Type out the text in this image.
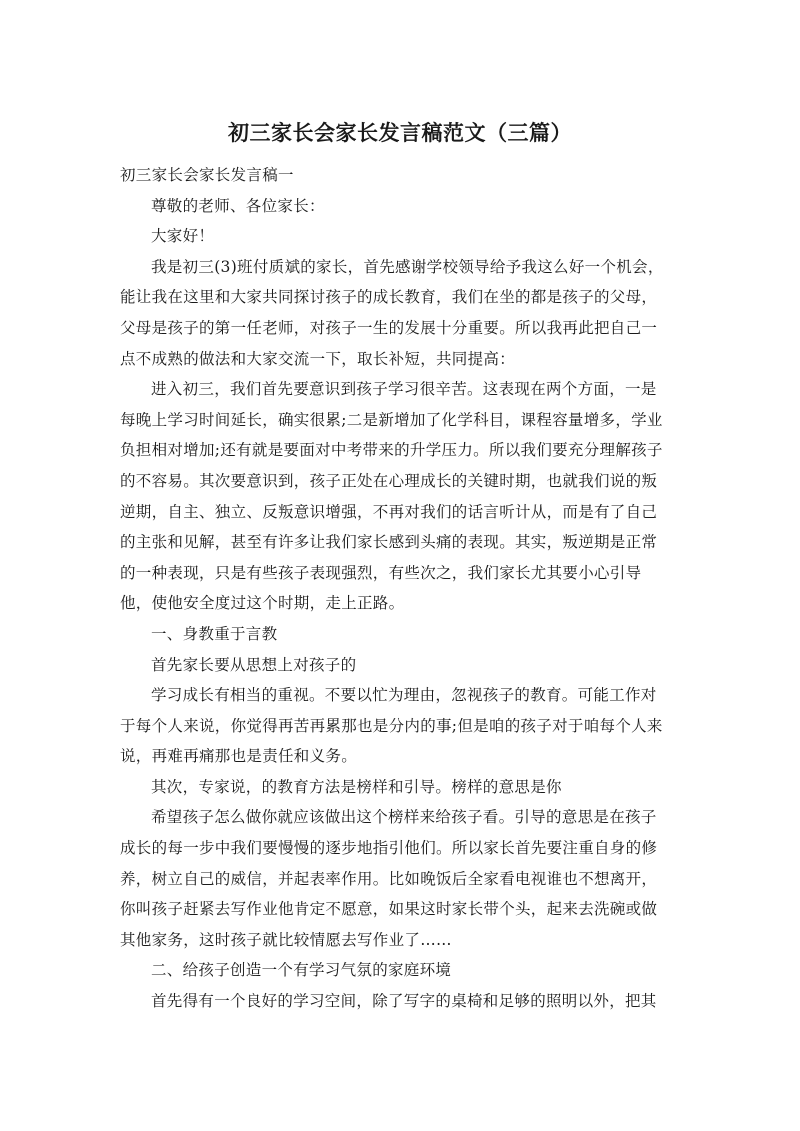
初三家长会家长发言稿范文（三篇）
初三家长会家长发言稿一
尊敬的老师、各位家长：
大家好！
我是初三(3)班付质斌的家长，首先感谢学校领导给予我这么好一个机会，
能让我在这里和大家共同探讨孩子的成长教育，我们在坐的都是孩子的父母，
父母是孩子的第一任老师，对孩子一生的发展十分重要。所以我再此把自己一
点不成熟的做法和大家交流一下，取长补短，共同提高：
进入初三，我们首先要意识到孩子学习很辛苦。这表现在两个方面，一是
每晚上学习时间延长，确实很累;二是新增加了化学科目，课程容量增多，学业
负担相对增加;还有就是要面对中考带来的升学压力。所以我们要充分理解孩子
的不容易。其次要意识到，孩子正处在心理成长的关键时期，也就我们说的叛
逆期，自主、独立、反叛意识增强，不再对我们的话言听计从，而是有了自己
的主张和见解，甚至有许多让我们家长感到头痛的表现。其实，叛逆期是正常
的一种表现，只是有些孩子表现强烈，有些次之，我们家长尤其要小心引导
他，使他安全度过这个时期，走上正路。
一、身教重于言教
首先家长要从思想上对孩子的
学习成长有相当的重视。不要以忙为理由，忽视孩子的教育。可能工作对
于每个人来说，你觉得再苦再累那也是分内的事;但是咱的孩子对于咱每个人来
说，再难再痛那也是责任和义务。
其次，专家说，的教育方法是榜样和引导。榜样的意思是你
希望孩子怎么做你就应该做出这个榜样来给孩子看。引导的意思是在孩子
成长的每一步中我们要慢慢的逐步地指引他们。所以家长首先要注重自身的修
养，树立自己的威信，并起表率作用。比如晚饭后全家看电视谁也不想离开，
你叫孩子赶紧去写作业他肯定不愿意，如果这时家长带个头，起来去洗碗或做
其他家务，这时孩子就比较情愿去写作业了……
二、给孩子创造一个有学习气氛的家庭环境
首先得有一个良好的学习空间，除了写字的桌椅和足够的照明以外，把其
